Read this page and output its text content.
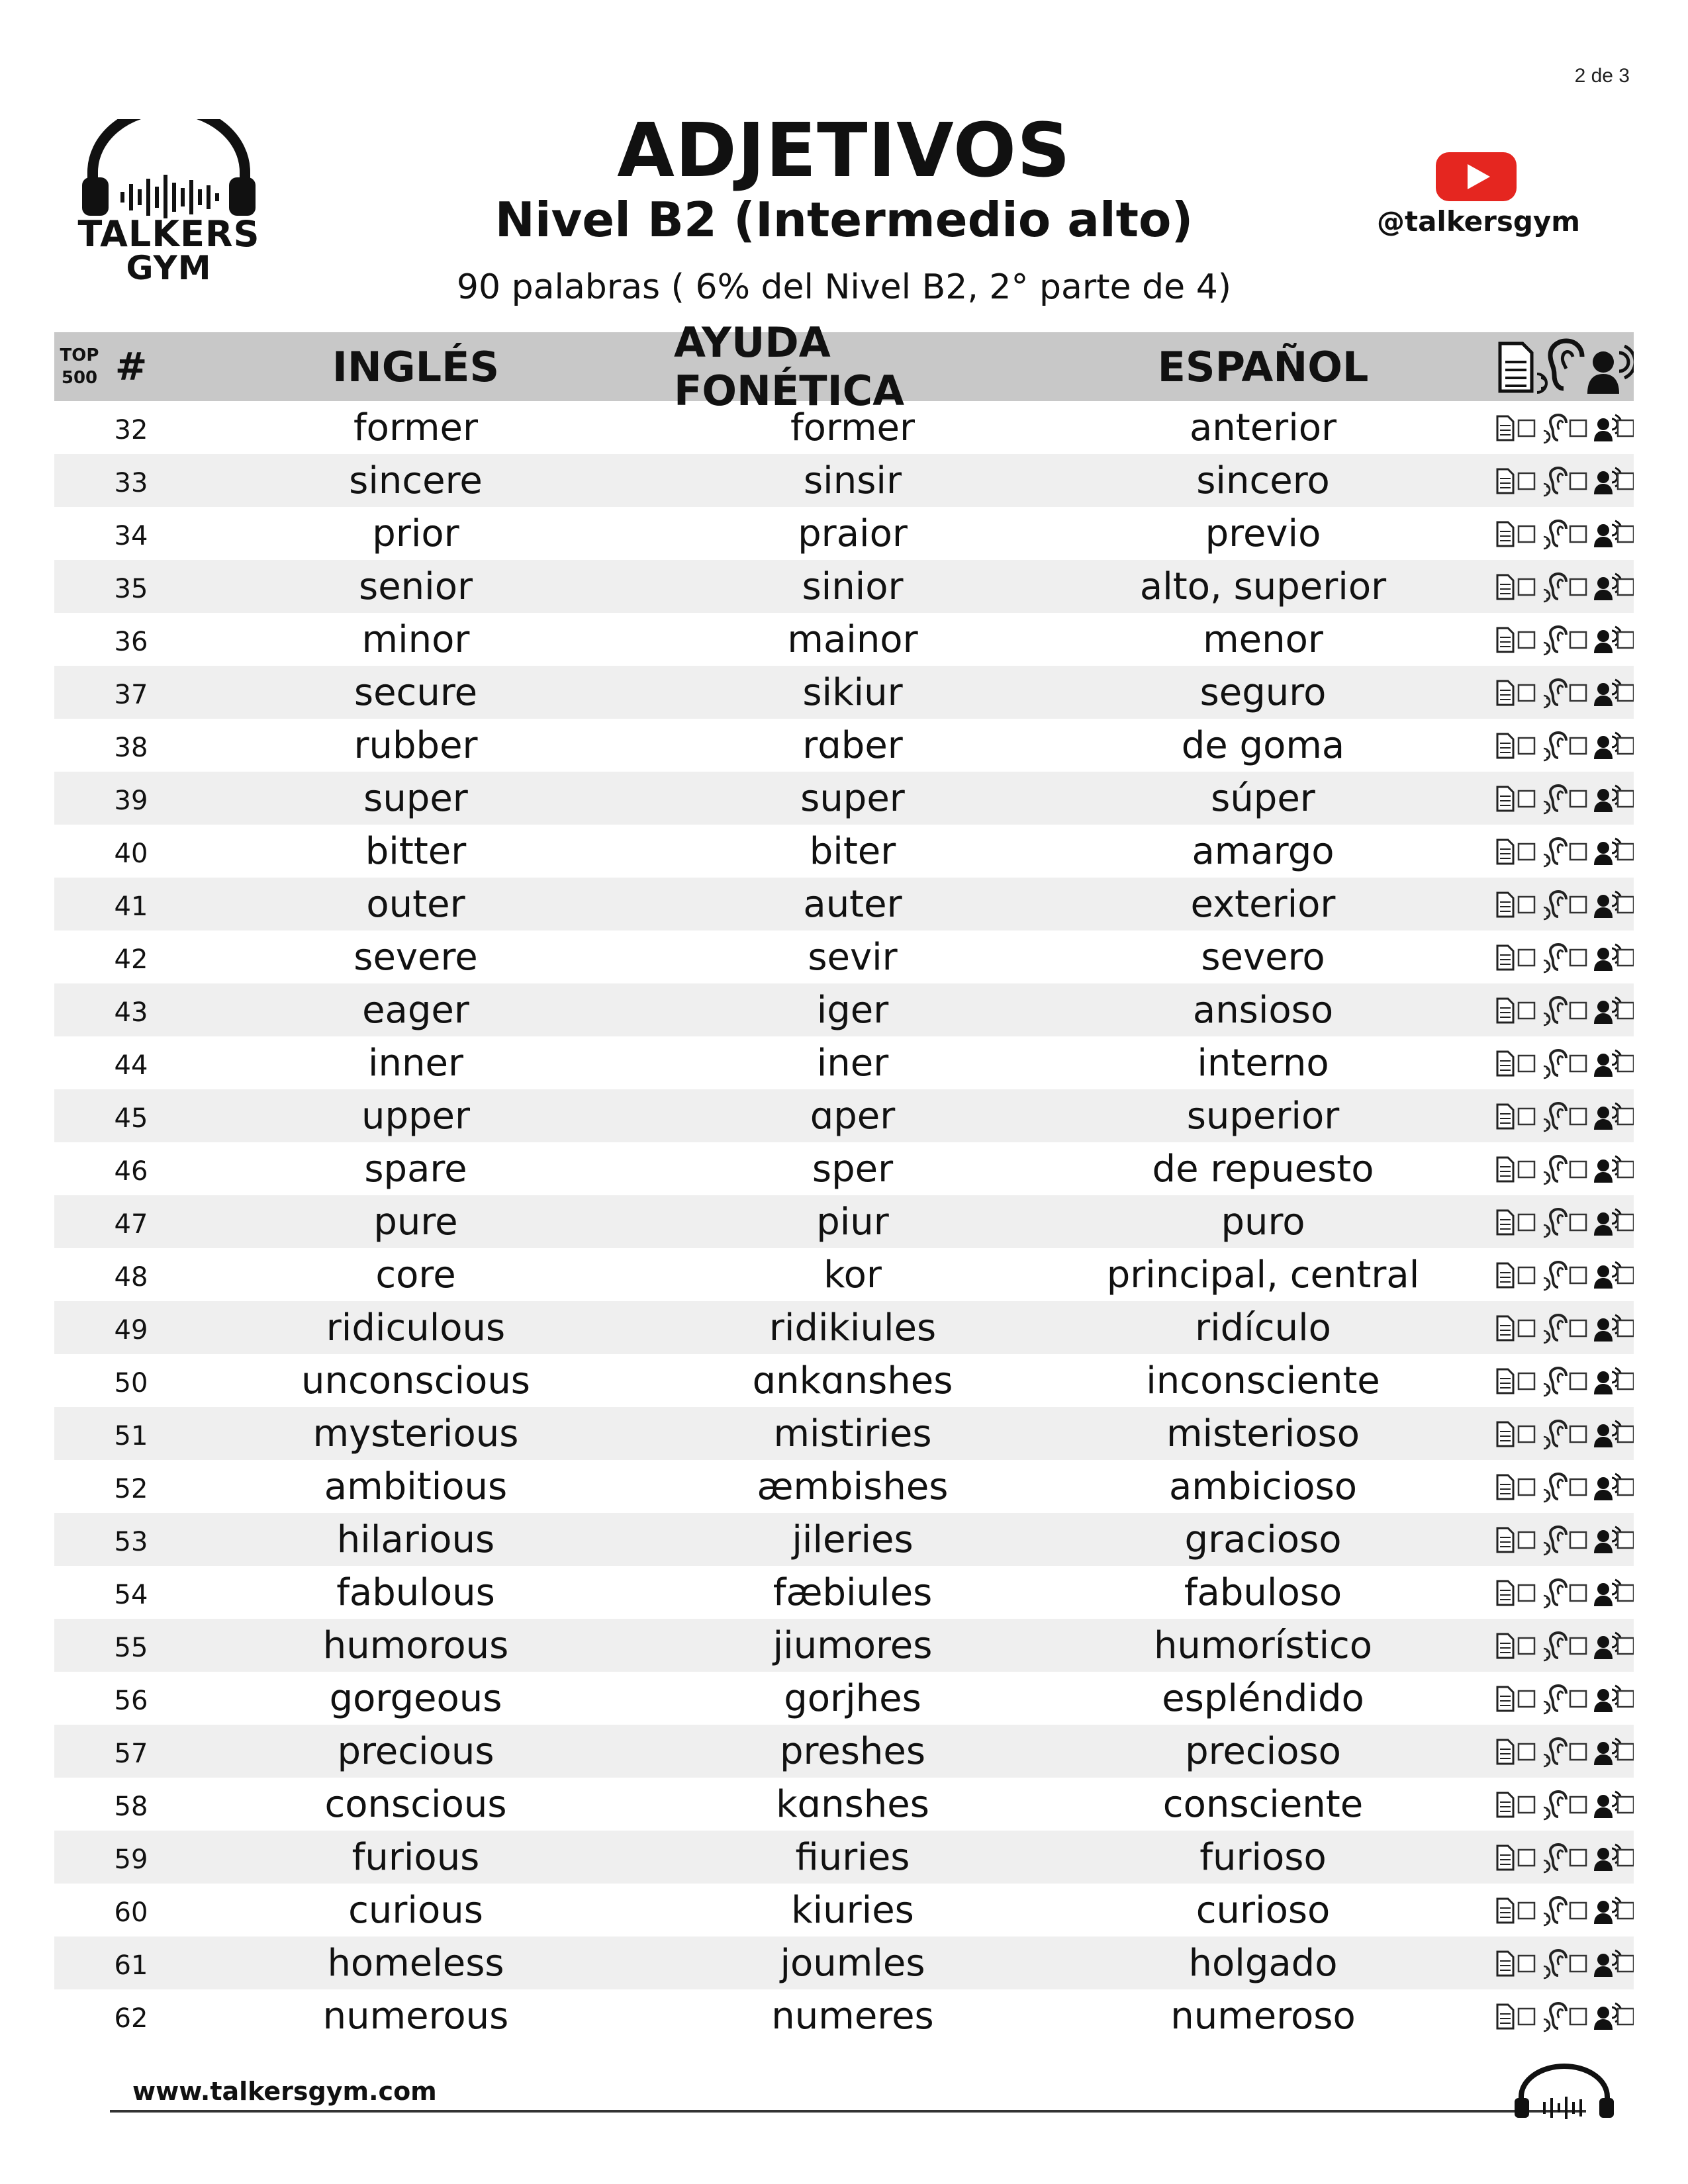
2 de 3
TALKERS
GYM
ADJETIVOS
Nivel B2 (Intermedio alto)
90 palabras ( 6% del Nivel B2, 2° parte de 4)
@talkersgym
TOP
500 #	INGLÉS	AYUDA FONÉTICA	ESPAÑOL
32	former	former	anterior
33	sincere	sinsir	sincero
34	prior	praior	previo
35	senior	sinior	alto, superior
36	minor	mainor	menor
37	secure	sikiur	seguro
38	rubber	rɑber	de goma
39	super	super	súper
40	bitter	biter	amargo
41	outer	auter	exterior
42	severe	sevir	severo
43	eager	iger	ansioso
44	inner	iner	interno
45	upper	ɑper	superior
46	spare	sper	de repuesto
47	pure	piur	puro
48	core	kor	principal, central
49	ridiculous	ridikiules	ridículo
50	unconscious	ɑnkɑnshes	inconsciente
51	mysterious	mistiries	misterioso
52	ambitious	æmbishes	ambicioso
53	hilarious	jileries	gracioso
54	fabulous	fæbiules	fabuloso
55	humorous	jiumores	humorístico
56	gorgeous	gorjhes	espléndido
57	precious	preshes	precioso
58	conscious	kɑnshes	consciente
59	furious	fiuries	furioso
60	curious	kiuries	curioso
61	homeless	joumles	holgado
62	numerous	numeres	numeroso
www.talkersgym.com
